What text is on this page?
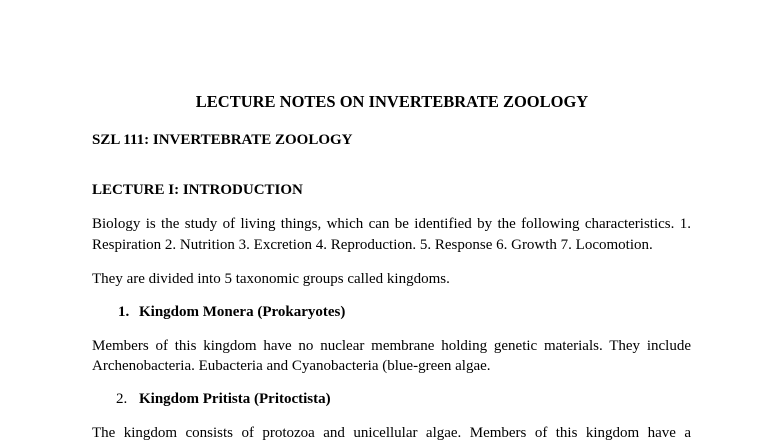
LECTURE NOTES ON INVERTEBRATE ZOOLOGY
SZL 111: INVERTEBRATE ZOOLOGY
LECTURE I: INTRODUCTION
Biology is the study of living things, which can be identified by the following characteristics. 1.
Respiration 2. Nutrition 3. Excretion 4. Reproduction. 5. Response 6. Growth 7. Locomotion.
They are divided into 5 taxonomic groups called kingdoms.
1. Kingdom Monera (Prokaryotes)
Members of this kingdom have no nuclear membrane holding genetic materials. They include
Archenobacteria. Eubacteria and Cyanobacteria (blue-green algae.
2. Kingdom Pritista (Pritoctista)
The kingdom consists of protozoa and unicellular algae. Members of this kingdom have a
